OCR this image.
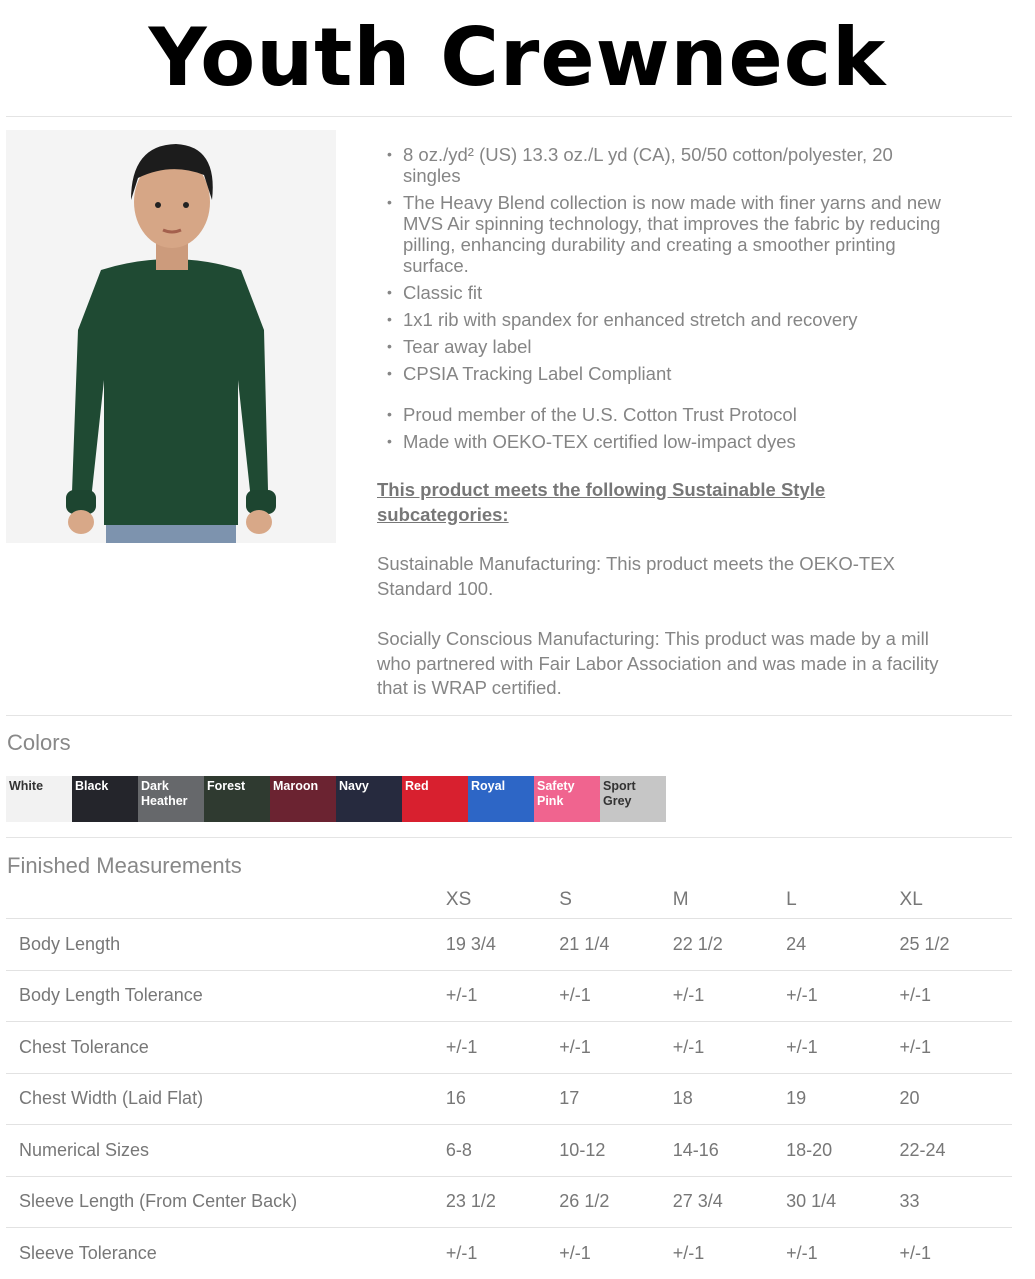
Youth Crewneck
• 8 oz./yd² (US) 13.3 oz./L yd (CA), 50/50 cotton/polyester, 20 singles
• The Heavy Blend collection is now made with finer yarns and new MVS Air spinning technology, that improves the fabric by reducing pilling, enhancing durability and creating a smoother printing surface.
• Classic fit
• 1x1 rib with spandex for enhanced stretch and recovery
• Tear away label
• CPSIA Tracking Label Compliant
• Proud member of the U.S. Cotton Trust Protocol
• Made with OEKO-TEX certified low-impact dyes
This product meets the following Sustainable Style subcategories:
Sustainable Manufacturing: This product meets the OEKO-TEX Standard 100.
Socially Conscious Manufacturing: This product was made by a mill who partnered with Fair Labor Association and was made in a facility that is WRAP certified.
Colors
White	Black	Dark Heather
Forest	Maroon	Navy	Red	Royal	Safety Pink
Sport Grey
Finished Measurements
	XS	S	M	L	XL
Body Length	19 3/4	21 1/4	22 1/2	24	25 1/2
Body Length Tolerance	+/-1	+/-1	+/-1	+/-1	+/-1
Chest Tolerance	+/-1	+/-1	+/-1	+/-1	+/-1
Chest Width (Laid Flat)	16	17	18	19	20
Numerical Sizes	6-8	10-12	14-16	18-20	22-24
Sleeve Length (From Center Back)	23 1/2	26 1/2	27 3/4	30 1/4	33
Sleeve Tolerance	+/-1	+/-1	+/-1	+/-1	+/-1
